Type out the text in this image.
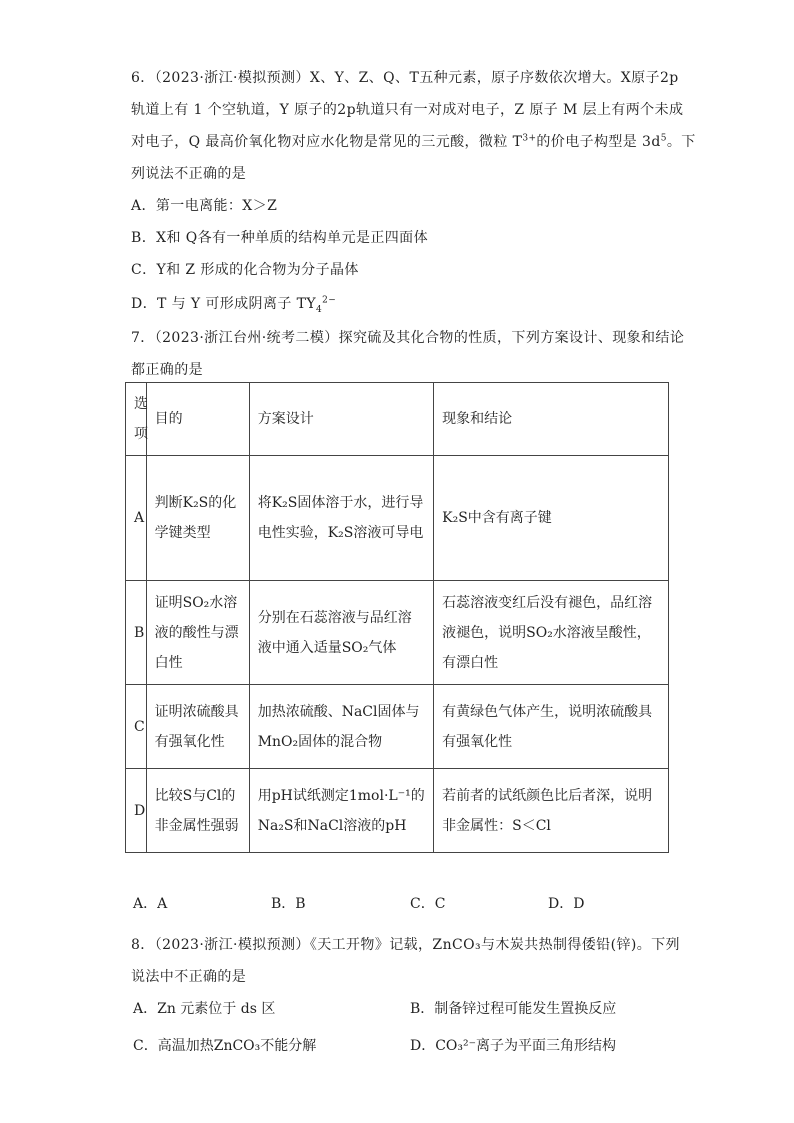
6．（2023·浙江·模拟预测）X、Y、Z、Q、T五种元素，原子序数依次增大。X原子2p
轨道上有 1 个空轨道，Y 原子的2p轨道只有一对成对电子，Z 原子 M 层上有两个未成
对电子，Q 最高价氧化物对应水化物是常见的三元酸，微粒 $T^{3+}$的价电子构型是 $3d^5$。下
列说法不正确的是
A．第一电离能：X＞Z
B．X和 Q各有一种单质的结构单元是正四面体
C．Y和 Z 形成的化合物为分子晶体
D．T 与 Y 可形成阴离子 $TY_4^{2-}$
7．（2023·浙江台州·统考二模）探究硫及其化合物的性质，下列方案设计、现象和结论
都正确的是
选项	目的	方案设计	现象和结论
A	判断K₂S的化学键类型	将K₂S固体溶于水，进行导电性实验，K₂S溶液可导电	K₂S中含有离子键
B	证明SO₂水溶液的酸性与漂白性	分别在石蕊溶液与品红溶液中通入适量SO₂气体	石蕊溶液变红后没有褪色，品红溶液褪色，说明SO₂水溶液呈酸性，有漂白性
C	证明浓硫酸具有强氧化性	加热浓硫酸、NaCl固体与MnO₂固体的混合物	有黄绿色气体产生，说明浓硫酸具有强氧化性
D	比较S与Cl的非金属性强弱	用pH试纸测定1mol·L⁻¹的Na₂S和NaCl溶液的pH	若前者的试纸颜色比后者深，说明非金属性：S＜Cl
A．A	B．B	C．C	D．D
8．（2023·浙江·模拟预测）《天工开物》记载，ZnCO₃与木炭共热制得倭铅(锌)。下列
说法中不正确的是
A．Zn 元素位于 ds 区	B．制备锌过程可能发生置换反应
C．高温加热ZnCO₃不能分解	D．CO₃²⁻离子为平面三角形结构
